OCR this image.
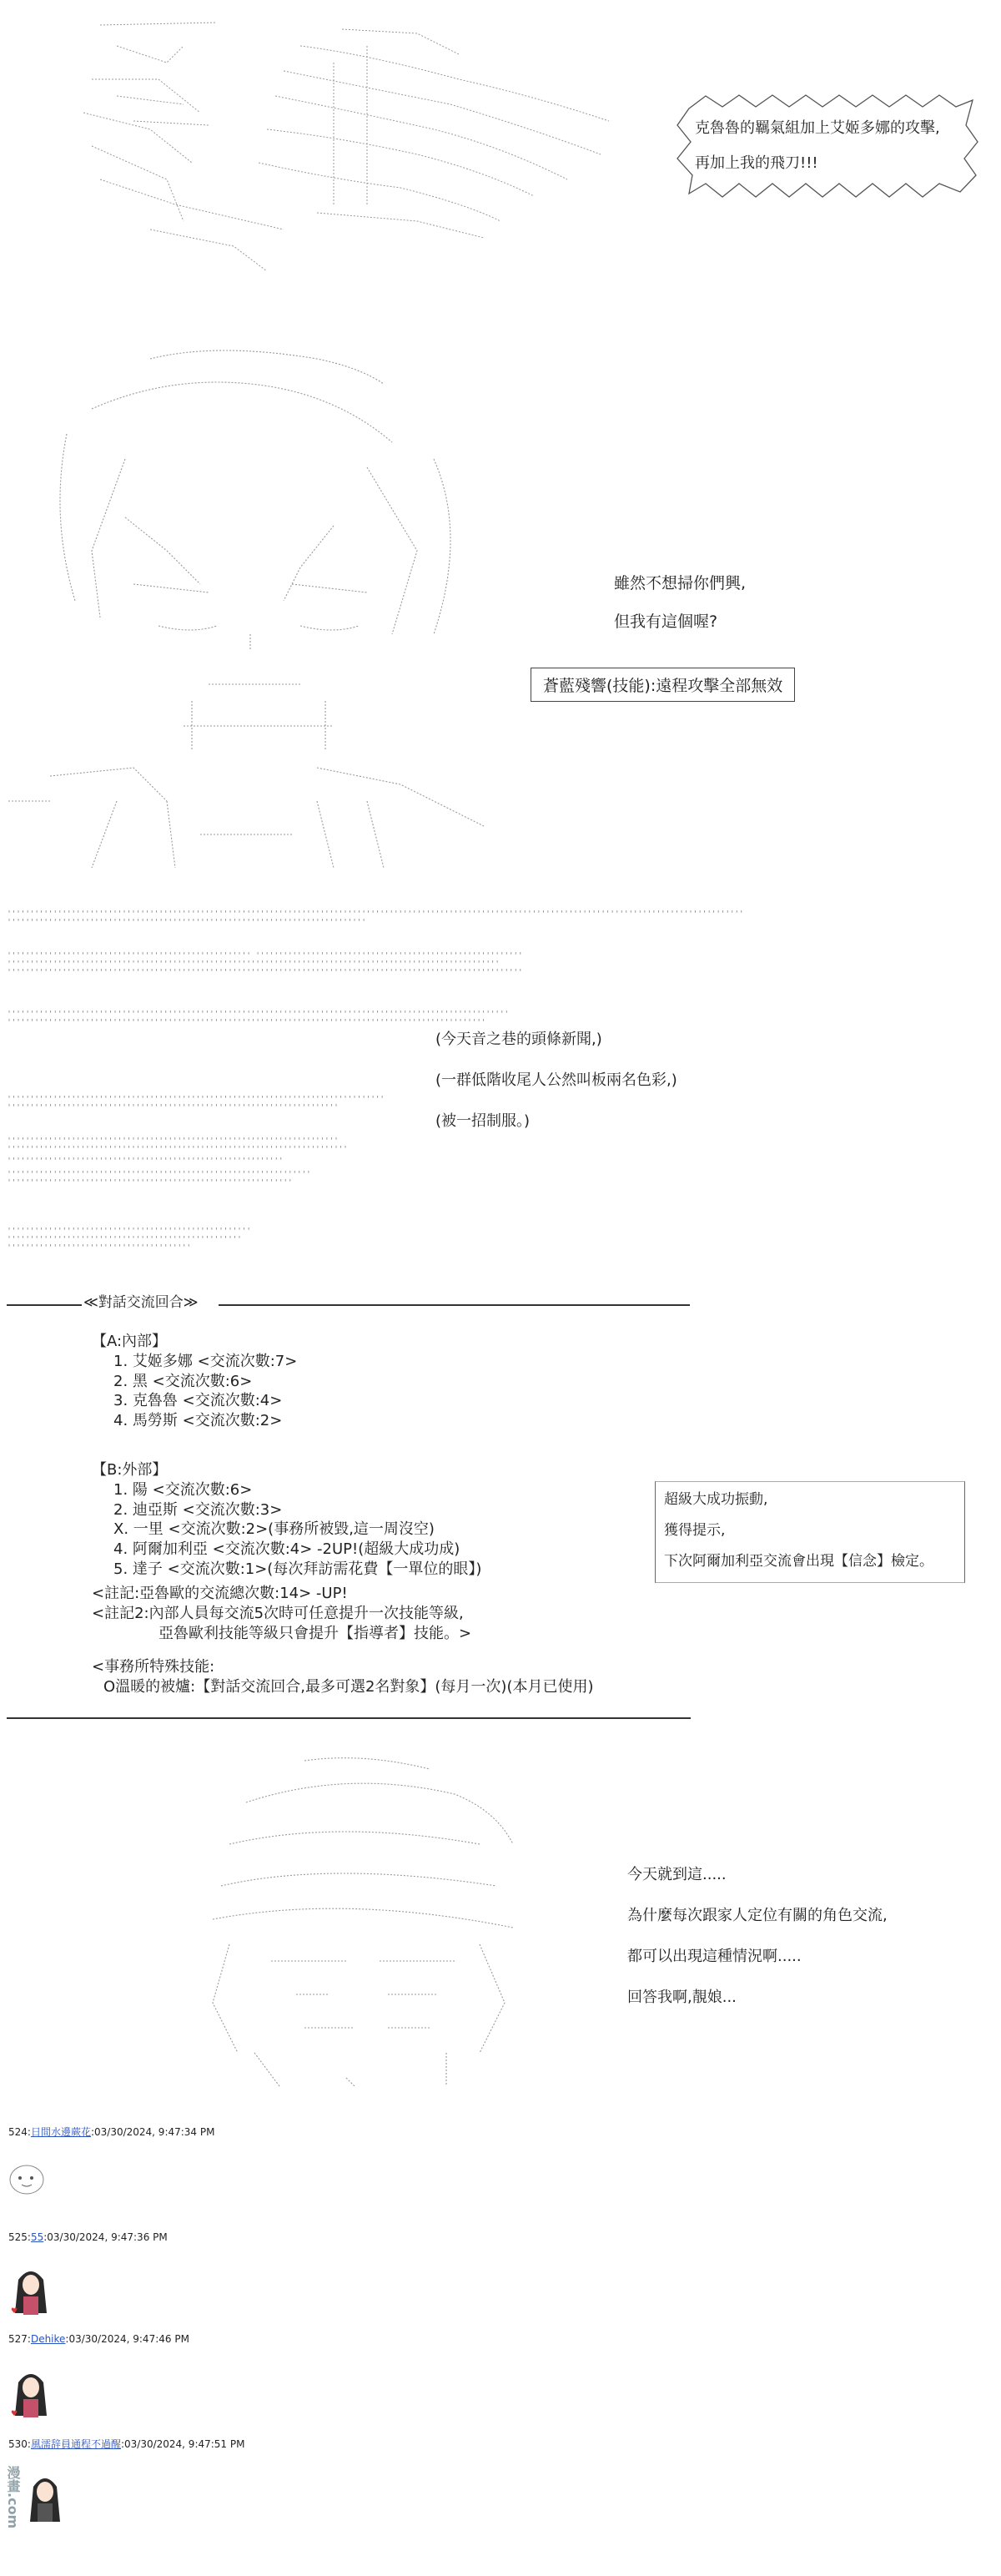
克魯魯的羈氣組加上艾姬多娜的攻擊,
再加上我的飛刀!!!
雖然不想掃你們興,
但我有這個喔?
蒼藍殘響(技能):遠程攻擊全部無效
''''''''''''''''''''''''''''''''''''''''''''''''''''''''''''''''''''''''''''''''''''''''''''''''''''''''''''''''''''''''''''''''''''''''''''''''''''''''''''''''
''''''''''''''''''''''''''''''''''''''''''''''''''''''''''''''''''''''''''''''
''''''''''''''''''''''''''''''''''''''''''''''''''''' ''''''''''''''''''''''''''''''''''''''''''''''''''''''''''
'''''''''''''''''''''''''''''''''''''''''''''''''''''''''''''''''''''''''''''''''''''''''''''''''''''''''''
''''''''''''''''''''''''''''''''''''''''''''''''''''''''''''''''''''''''''''''''''''''''''''''''''''''''''''''''
'''''''''''''''''''''''''''''''''''''''''''''''''''''''''''''''''''''''''''''''''''''''''''''''''''''''''''''
''''''''''''''''''''''''''''''''''''''''''''''''''''''''''''''''''''''''''''''''''''''''''''''''''''''''
''''''''''''''''''''''''''''''''''''''''''''''''''''''''''''''''''''''''''''''''''
''''''''''''''''''''''''''''''''''''''''''''''''''''''''''''''''''''''''
''''''''''''''''''''''''''''''''''''''''''''''''''''''''''''''''''''''''
''''''''''''''''''''''''''''''''''''''''''''''''''''''''''''''''''''''''''
''''''''''''''''''''''''''''''''''''''''''''''''''''''''''''
''''''''''''''''''''''''''''''''''''''''''''''''''''''''''''''''''
''''''''''''''''''''''''''''''''''''''''''''''''''''''''''''''
'''''''''''''''''''''''''''''''''''''''''''''''''''''
'''''''''''''''''''''''''''''''''''''''''''''''''''
''''''''''''''''''''''''''''''''''''''''
(今天音之巷的頭條新聞,)
(一群低階收尾人公然叫板兩名色彩,)
(被一招制服。)
≪對話交流回合≫
【A:內部】
1. 艾姬多娜 <交流次數:7>
2. 黑 <交流次數:6>
3. 克魯魯 <交流次數:4>
4. 馬勞斯 <交流次數:2>
【B:外部】
1. 陽 <交流次數:6>
2. 迪亞斯 <交流次數:3>
X. 一里 <交流次數:2>(事務所被毀,這一周沒空)
4. 阿爾加利亞 <交流次數:4> -2UP!(超級大成功成)
5. 達子 <交流次數:1>(每次拜訪需花費【一單位的眼】)
<註記:亞魯歐的交流總次數:14> -UP!
<註記2:內部人員每交流5次時可任意提升一次技能等級,
亞魯歐利技能等級只會提升【指導者】技能。>
<事務所特殊技能:
O溫暖的被爐:【對話交流回合,最多可選2名對象】(每月一次)(本月已使用)
超級大成功振動,
獲得提示,
下次阿爾加利亞交流會出現【信念】檢定。
今天就到這.....
為什麼每次跟家人定位有關的角色交流,
都可以出現這種情況啊.....
回答我啊,靚娘...
524:日間水邊蕨花:03/30/2024, 9:47:34 PM
525:55:03/30/2024, 9:47:36 PM
♥
527:Dehike:03/30/2024, 9:47:46 PM
♥
530:風濡辞員通程不過醒:03/30/2024, 9:47:51 PM
漫畫.com
